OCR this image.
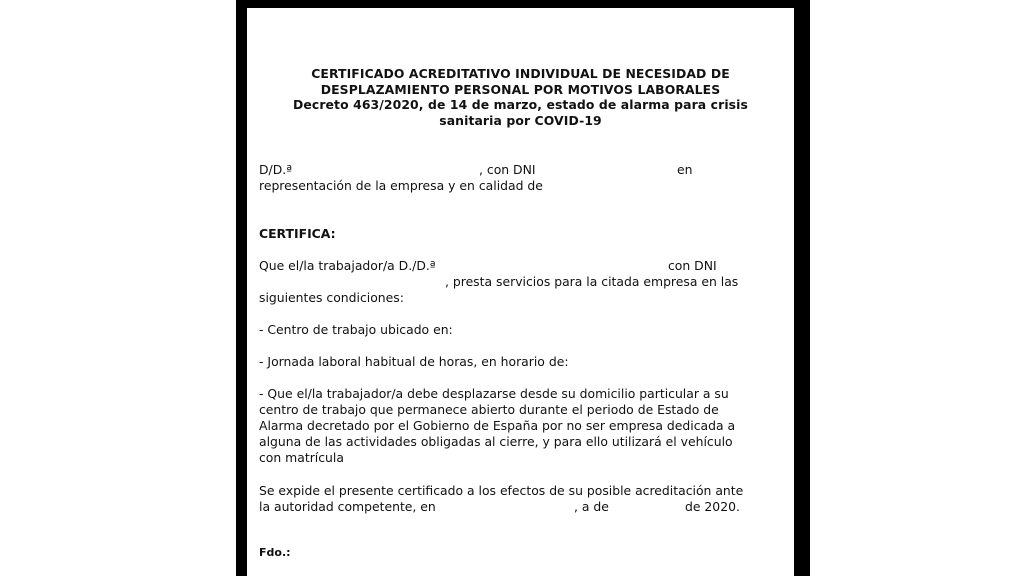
CERTIFICADO ACREDITATIVO INDIVIDUAL DE NECESIDAD DE
DESPLAZAMIENTO PERSONAL POR MOTIVOS LABORALES
Decreto 463/2020, de 14 de marzo, estado de alarma para crisis
sanitaria por COVID-19
D/D.ª	, con DNI	en
representación de la empresa y en calidad de
CERTIFICA:
Que el/la trabajador/a D./D.ª	con DNI
, presta servicios para la citada empresa en las
siguientes condiciones:
- Centro de trabajo ubicado en:
- Jornada laboral habitual de horas, en horario de:
- Que el/la trabajador/a debe desplazarse desde su domicilio particular a su
centro de trabajo que permanece abierto durante el periodo de Estado de
Alarma decretado por el Gobierno de España por no ser empresa dedicada a
alguna de las actividades obligadas al cierre, y para ello utilizará el vehículo
con matrícula
Se expide el presente certificado a los efectos de su posible acreditación ante
la autoridad competente, en	, a de	de 2020.
Fdo.:
